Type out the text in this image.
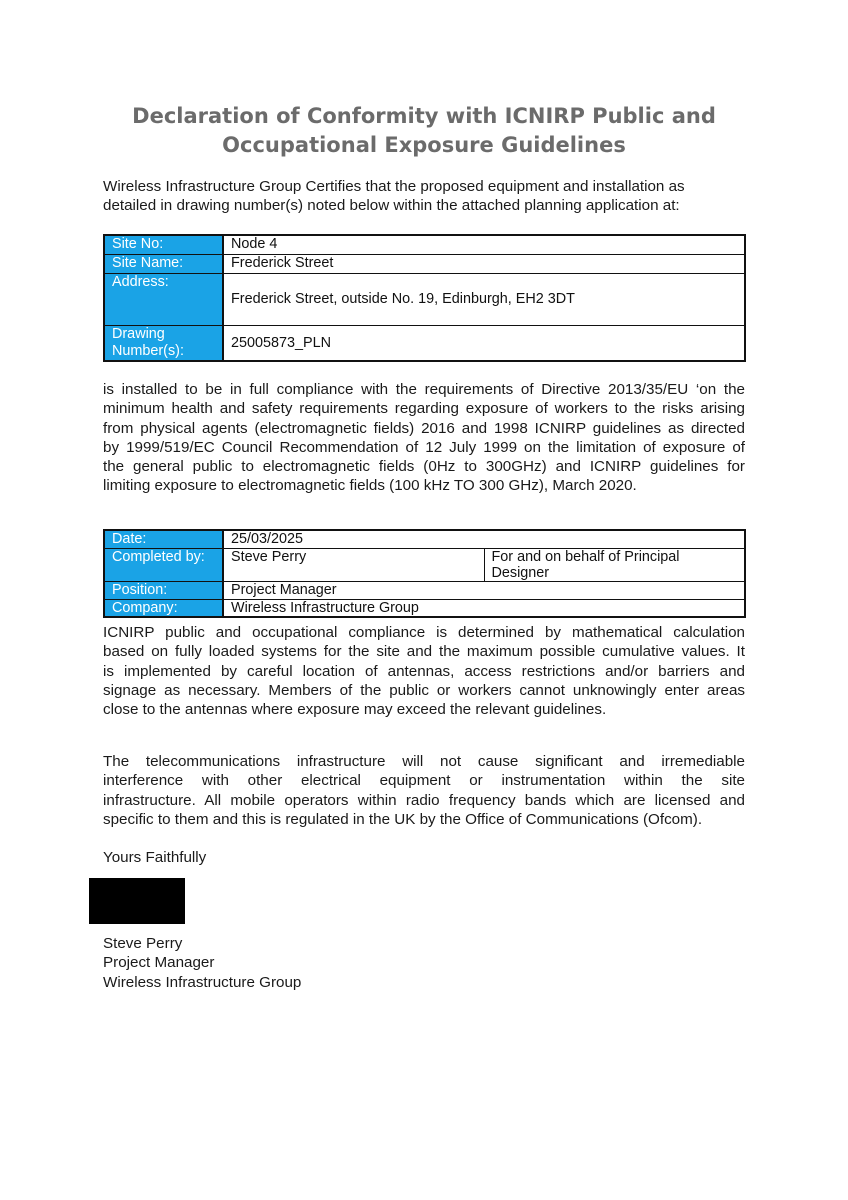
Declaration of Conformity with ICNIRP Public and
Occupational Exposure Guidelines
Wireless Infrastructure Group Certifies that the proposed equipment and installation as
detailed in drawing number(s) noted below within the attached planning application at:
Site No:	Node 4
Site Name:	Frederick Street
Address:	Frederick Street, outside No. 19, Edinburgh, EH2 3DT

Drawing
Number(s):	25005873_PLN
is installed to be in full compliance with the requirements of Directive 2013/35/EU ‘on the
minimum health and safety requirements regarding exposure of workers to the risks arising
from physical agents (electromagnetic fields) 2016 and 1998 ICNIRP guidelines as directed
by 1999/519/EC Council Recommendation of 12 July 1999 on the limitation of exposure of
the general public to electromagnetic fields (0Hz to 300GHz) and ICNIRP guidelines for
limiting exposure to electromagnetic fields (100 kHz TO 300 GHz), March 2020.
Date:	25/03/2025	
Completed by:	Steve Perry	For and on behalf of Principal Designer
Position:	Project Manager	
Company:	Wireless Infrastructure Group	
ICNIRP public and occupational compliance is determined by mathematical calculation
based on fully loaded systems for the site and the maximum possible cumulative values. It
is implemented by careful location of antennas, access restrictions and/or barriers and
signage as necessary. Members of the public or workers cannot unknowingly enter areas
close to the antennas where exposure may exceed the relevant guidelines.
The telecommunications infrastructure will not cause significant and irremediable
interference with other electrical equipment or instrumentation within the site
infrastructure. All mobile operators within radio frequency bands which are licensed and
specific to them and this is regulated in the UK by the Office of Communications (Ofcom).
Yours Faithfully
Steve Perry
Project Manager
Wireless Infrastructure Group
